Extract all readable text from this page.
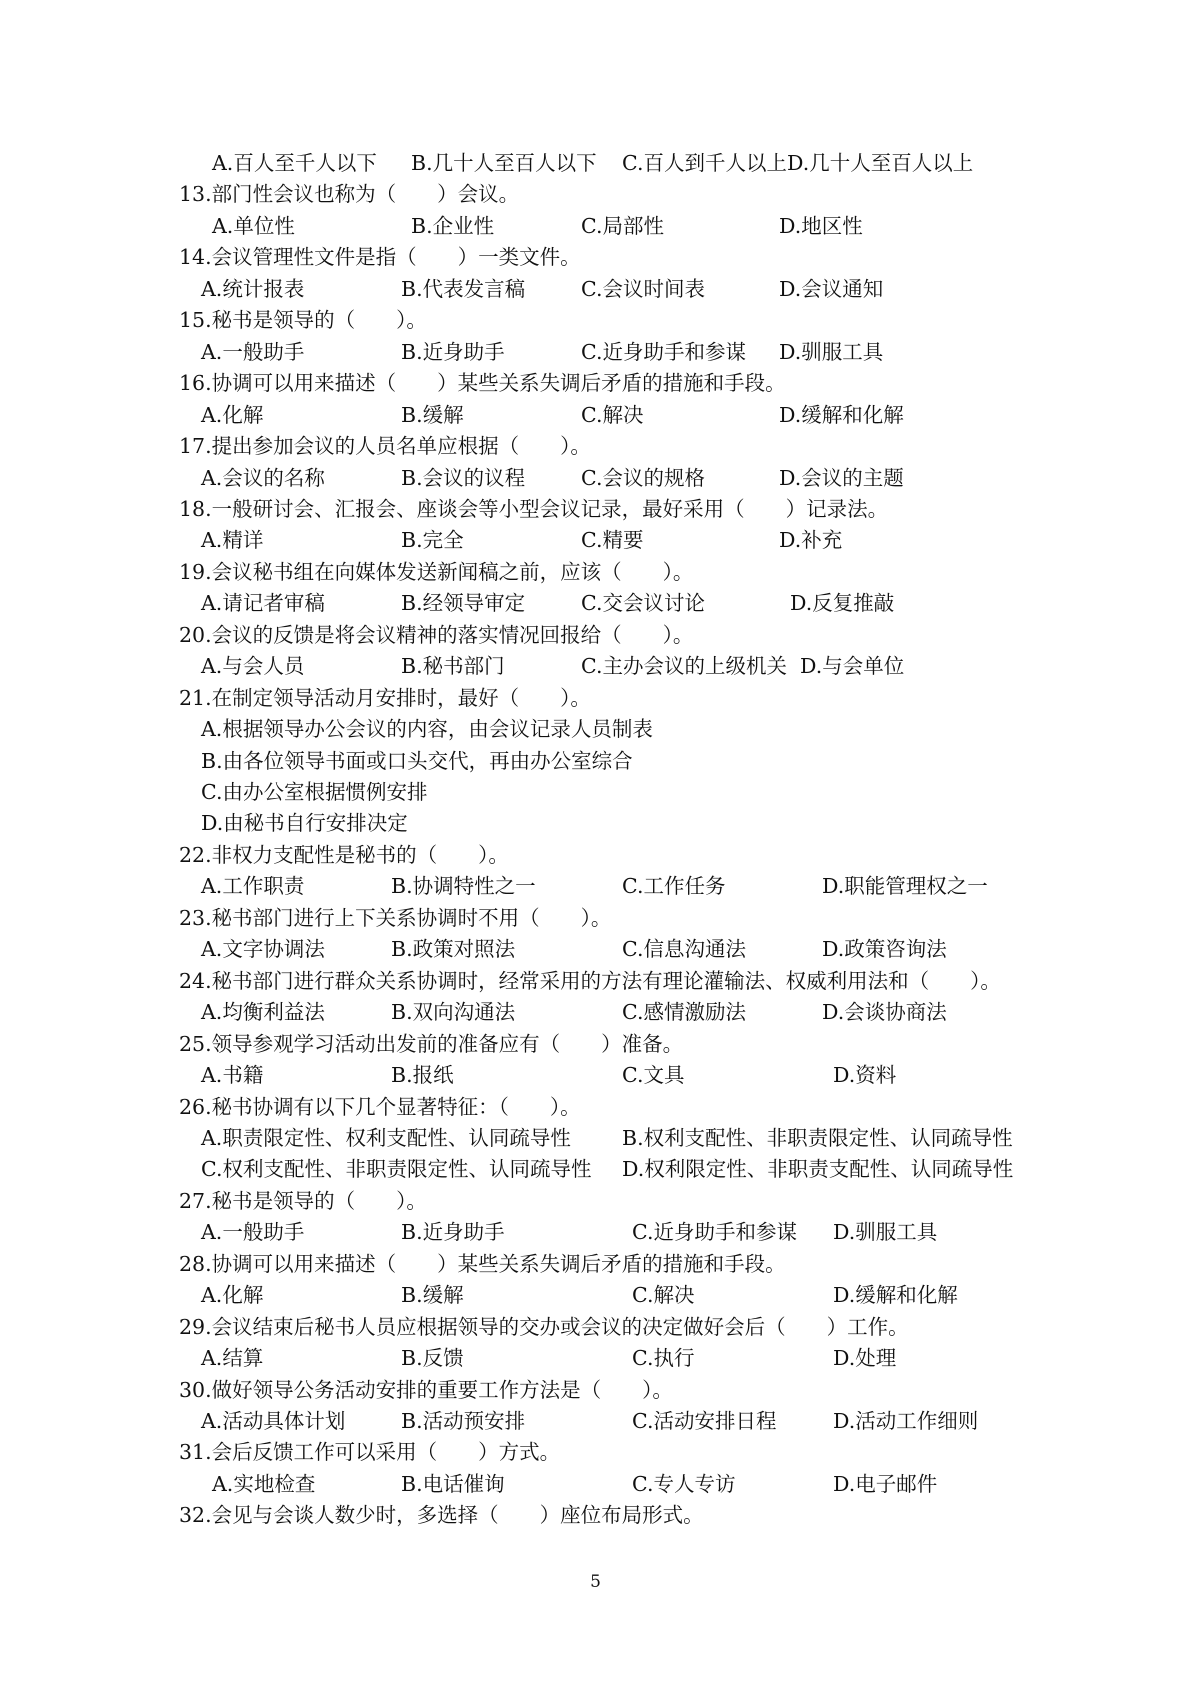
A.百人至千人以下 B.几十人至百人以下 C.百人到千人以上 D.几十人至百人以上
13.部门性会议也称为（　　）会议。
A.单位性	B.企业性	C.局部性	D.地区性
14.会议管理性文件是指（　　）一类文件。
A.统计报表	B.代表发言稿	C.会议时间表	D.会议通知
15.秘书是领导的（　　）。
A.一般助手	B.近身助手	C.近身助手和参谋 D.驯服工具
16.协调可以用来描述（　　）某些关系失调后矛盾的措施和手段。
A.化解	B.缓解	C.解决	D.缓解和化解
17.提出参加会议的人员名单应根据（　　）。
A.会议的名称	B.会议的议程	C.会议的规格	D.会议的主题
18.一般研讨会、汇报会、座谈会等小型会议记录，最好采用（　　）记录法。
A.精详	B.完全	C.精要	D.补充
19.会议秘书组在向媒体发送新闻稿之前，应该（　　）。
A.请记者审稿	B.经领导审定	C.交会议讨论	D.反复推敲
20.会议的反馈是将会议精神的落实情况回报给（　　）。
A.与会人员	B.秘书部门	C.主办会议的上级机关 D.与会单位
21.在制定领导活动月安排时，最好（　　）。
A.根据领导办公会议的内容，由会议记录人员制表
B.由各位领导书面或口头交代，再由办公室综合
C.由办公室根据惯例安排
D.由秘书自行安排决定
22.非权力支配性是秘书的（　　）。
A.工作职责	B.协调特性之一	C.工作任务	D.职能管理权之一
23.秘书部门进行上下关系协调时不用（　　）。
A.文字协调法	B.政策对照法	C.信息沟通法	D.政策咨询法
24.秘书部门进行群众关系协调时，经常采用的方法有理论灌输法、权威利用法和（　　）。
A.均衡利益法	B.双向沟通法	C.感情激励法	D.会谈协商法
25.领导参观学习活动出发前的准备应有（　　）准备。
A.书籍	B.报纸	C.文具	D.资料
26.秘书协调有以下几个显著特征：（　　）。
A.职责限定性、权利支配性、认同疏导性 B.权利支配性、非职责限定性、认同疏导性
C.权利支配性、非职责限定性、认同疏导性 D.权利限定性、非职责支配性、认同疏导性
27.秘书是领导的（　　）。
A.一般助手	B.近身助手	C.近身助手和参谋 D.驯服工具
28.协调可以用来描述（　　）某些关系失调后矛盾的措施和手段。
A.化解	B.缓解	C.解决	D.缓解和化解
29.会议结束后秘书人员应根据领导的交办或会议的决定做好会后（　　）工作。
A.结算	B.反馈	C.执行	D.处理
30.做好领导公务活动安排的重要工作方法是（　　）。
A.活动具体计划	B.活动预安排	C.活动安排日程	D.活动工作细则
31.会后反馈工作可以采用（　　）方式。
A.实地检查	B.电话催询	C.专人专访	D.电子邮件
32.会见与会谈人数少时，多选择（　　）座位布局形式。
5
